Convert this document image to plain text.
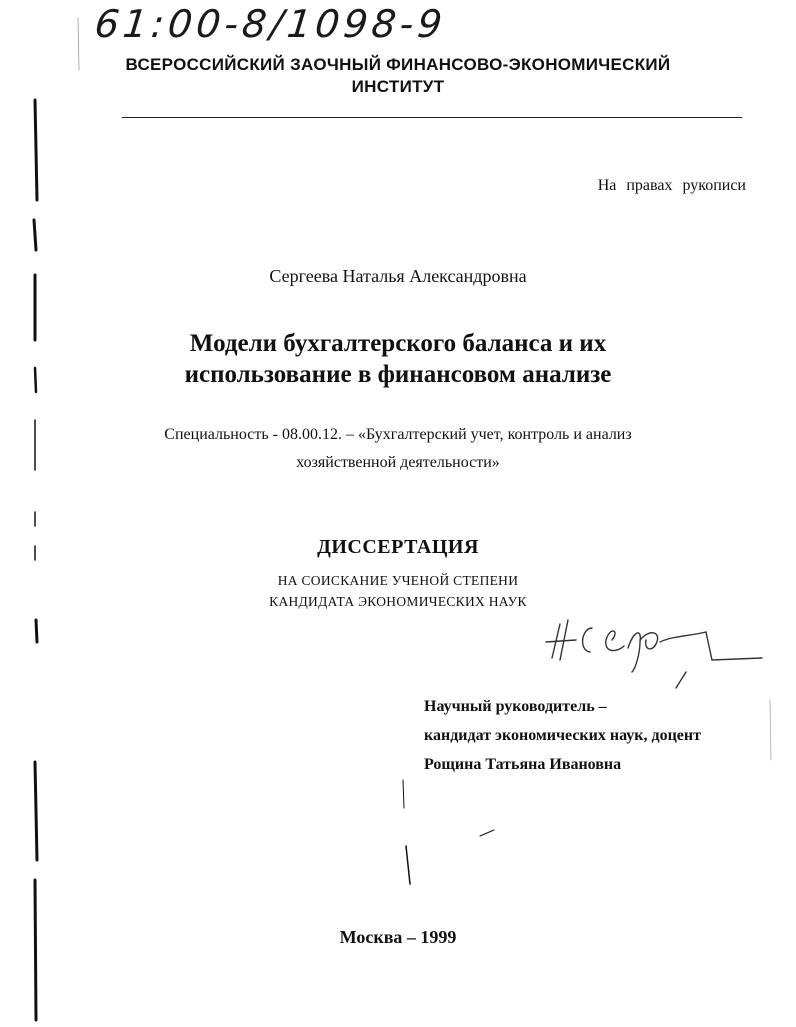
61:00-8/1098-9
ВСЕРОССИЙСКИЙ ЗАОЧНЫЙ ФИНАНСОВО-ЭКОНОМИЧЕСКИЙ
ИНСТИТУТ
На правах рукописи
Сергеева Наталья Александровна
Модели бухгалтерского баланса и их
использование в финансовом анализе
Специальность - 08.00.12. – «Бухгалтерский учет, контроль и анализ
хозяйственной деятельности»
ДИССЕРТАЦИЯ
НА СОИСКАНИЕ УЧЕНОЙ СТЕПЕНИ
КАНДИДАТА ЭКОНОМИЧЕСКИХ НАУК
Научный руководитель –
кандидат экономических наук, доцент
Рощина Татьяна Ивановна
Москва – 1999
